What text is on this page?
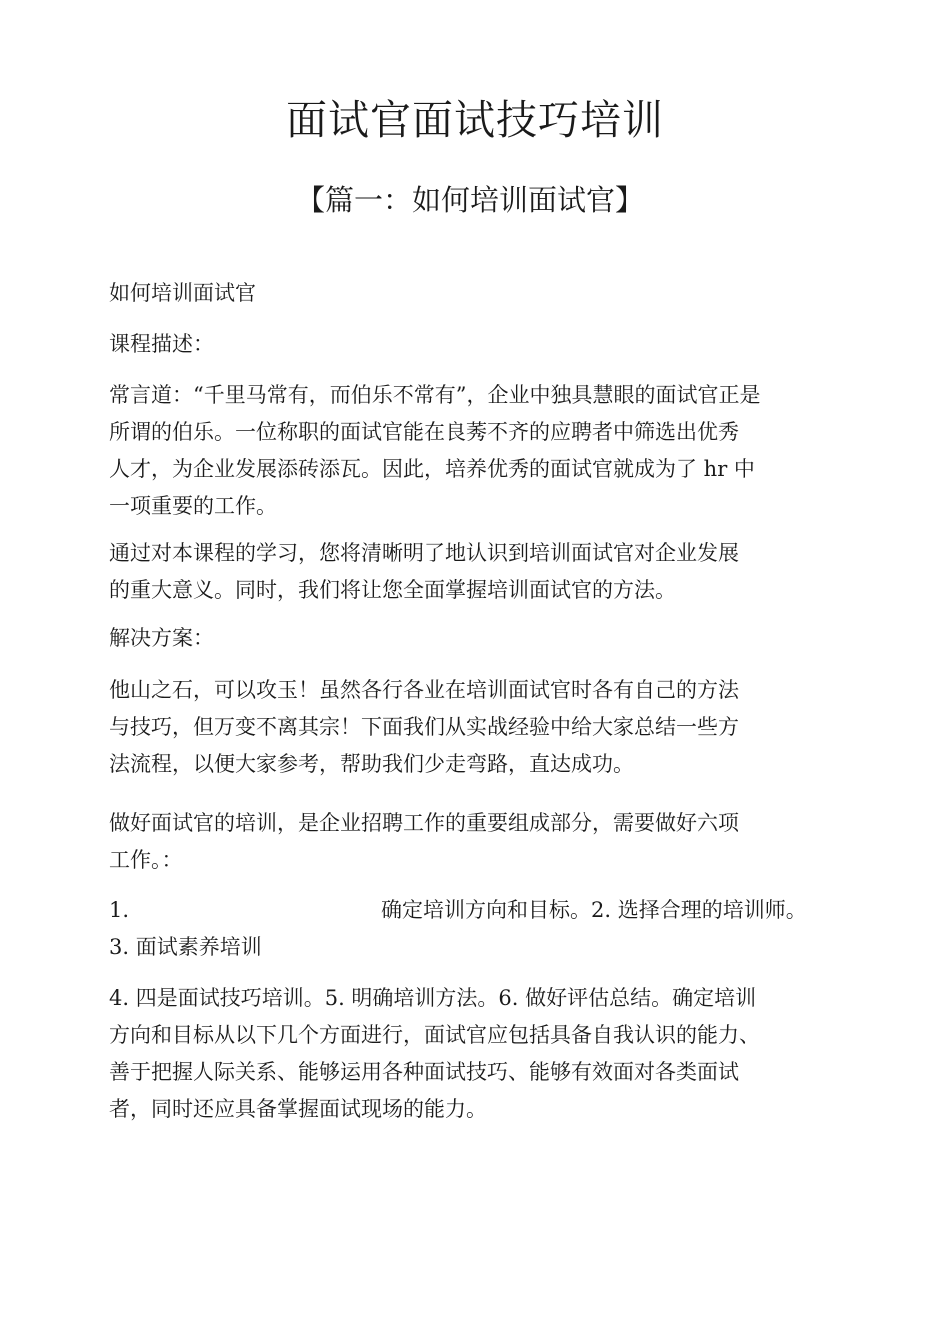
面试官面试技巧培训
【篇一：如何培训面试官】
如何培训面试官
课程描述：
常言道：“千里马常有，而伯乐不常有”，企业中独具慧眼的面试官正是
所谓的伯乐。一位称职的面试官能在良莠不齐的应聘者中筛选出优秀
人才，为企业发展添砖添瓦。因此，培养优秀的面试官就成为了 hr 中
一项重要的工作。
通过对本课程的学习，您将清晰明了地认识到培训面试官对企业发展
的重大意义。同时，我们将让您全面掌握培训面试官的方法。
解决方案：
他山之石，可以攻玉！虽然各行各业在培训面试官时各有自己的方法
与技巧，但万变不离其宗！下面我们从实战经验中给大家总结一些方
法流程，以便大家参考，帮助我们少走弯路，直达成功。
做好面试官的培训，是企业招聘工作的重要组成部分，需要做好六项
工作。：
1.	确定培训方向和目标。2. 选择合理的培训师。
3. 面试素养培训
4. 四是面试技巧培训。5. 明确培训方法。6. 做好评估总结。确定培训
方向和目标从以下几个方面进行，面试官应包括具备自我认识的能力、
善于把握人际关系、能够运用各种面试技巧、能够有效面对各类面试
者，同时还应具备掌握面试现场的能力。
